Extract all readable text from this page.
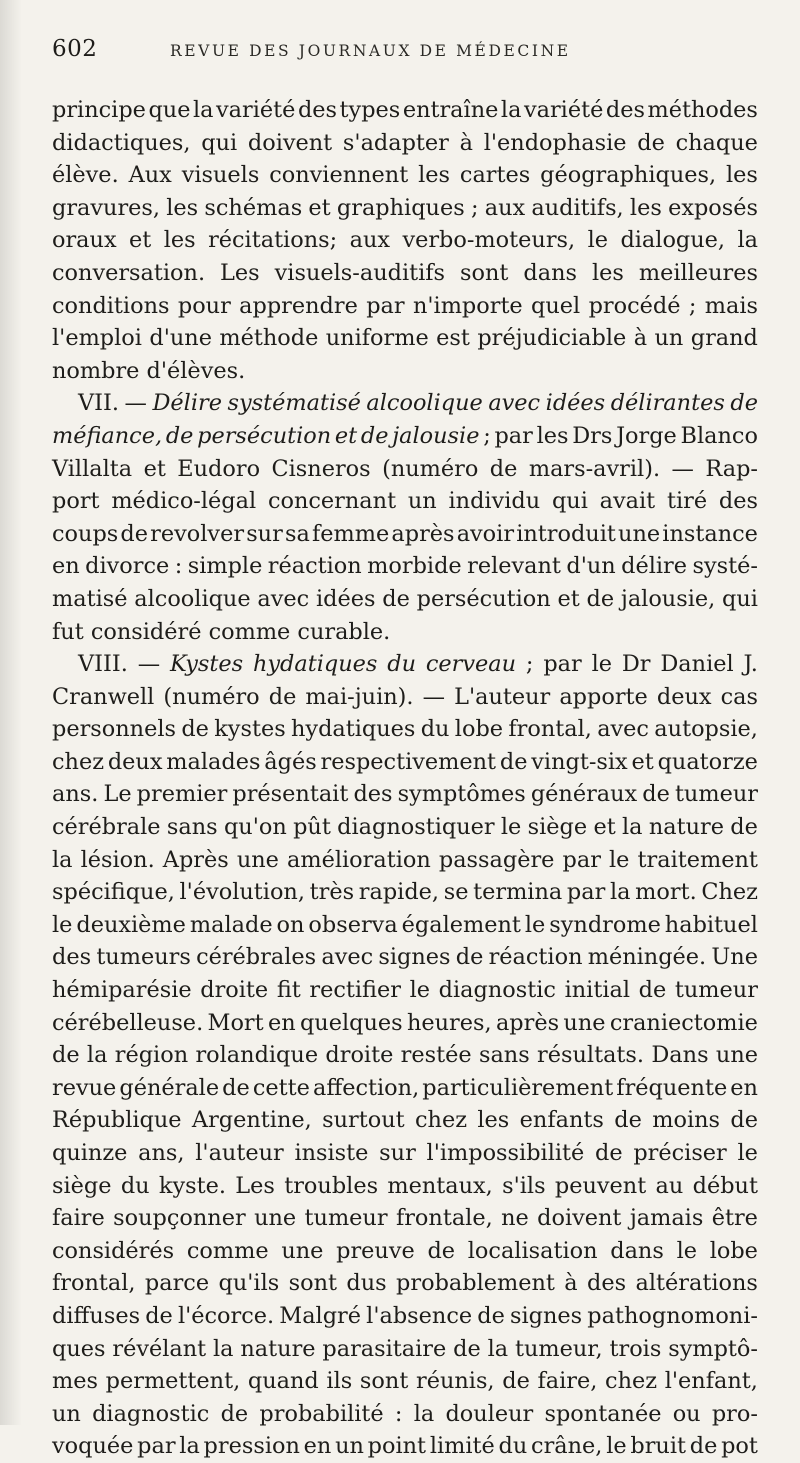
602	REVUE DES JOURNAUX DE MÉDECINE
principe que la variété des types entraîne la variété des méthodes
didactiques, qui doivent s'adapter à l'endophasie de chaque
élève. Aux visuels conviennent les cartes géographiques, les
gravures, les schémas et graphiques ; aux auditifs, les exposés
oraux et les récitations; aux verbo-moteurs, le dialogue, la
conversation. Les visuels-auditifs sont dans les meilleures
conditions pour apprendre par n'importe quel procédé ; mais
l'emploi d'une méthode uniforme est préjudiciable à un grand
nombre d'élèves.
VII. — Délire systématisé alcoolique avec idées délirantes de
méfiance, de persécution et de jalousie ; par les Drs Jorge Blanco
Villalta et Eudoro Cisneros (numéro de mars-avril). — Rap-
port médico-légal concernant un individu qui avait tiré des
coups de revolver sur sa femme après avoir introduit une instance
en divorce : simple réaction morbide relevant d'un délire systé-
matisé alcoolique avec idées de persécution et de jalousie, qui
fut considéré comme curable.
VIII. — Kystes hydatiques du cerveau ; par le Dr Daniel J.
Cranwell (numéro de mai-juin). — L'auteur apporte deux cas
personnels de kystes hydatiques du lobe frontal, avec autopsie,
chez deux malades âgés respectivement de vingt-six et quatorze
ans. Le premier présentait des symptômes généraux de tumeur
cérébrale sans qu'on pût diagnostiquer le siège et la nature de
la lésion. Après une amélioration passagère par le traitement
spécifique, l'évolution, très rapide, se termina par la mort. Chez
le deuxième malade on observa également le syndrome habituel
des tumeurs cérébrales avec signes de réaction méningée. Une
hémiparésie droite fit rectifier le diagnostic initial de tumeur
cérébelleuse. Mort en quelques heures, après une craniectomie
de la région rolandique droite restée sans résultats. Dans une
revue générale de cette affection, particulièrement fréquente en
République Argentine, surtout chez les enfants de moins de
quinze ans, l'auteur insiste sur l'impossibilité de préciser le
siège du kyste. Les troubles mentaux, s'ils peuvent au début
faire soupçonner une tumeur frontale, ne doivent jamais être
considérés comme une preuve de localisation dans le lobe
frontal, parce qu'ils sont dus probablement à des altérations
diffuses de l'écorce. Malgré l'absence de signes pathognomoni-
ques révélant la nature parasitaire de la tumeur, trois symptô-
mes permettent, quand ils sont réunis, de faire, chez l'enfant,
un diagnostic de probabilité : la douleur spontanée ou pro-
voquée par la pression en un point limité du crâne, le bruit de pot
